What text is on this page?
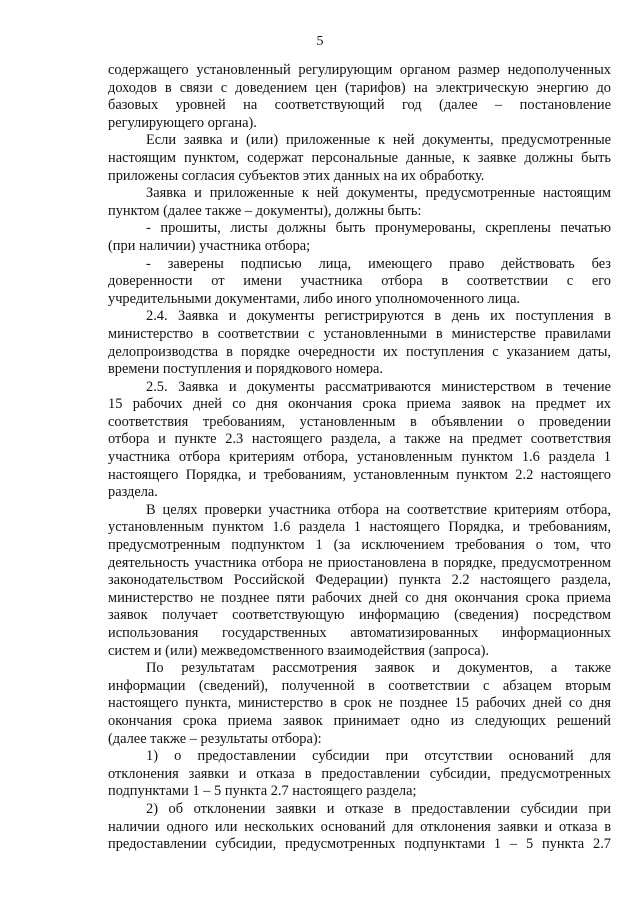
5
содержащего установленный регулирующим органом размер недополученных
доходов в связи с доведением цен (тарифов) на электрическую энергию до
базовых уровней на соответствующий год (далее – постановление
регулирующего органа).
Если заявка и (или) приложенные к ней документы, предусмотренные
настоящим пунктом, содержат персональные данные, к заявке должны быть
приложены согласия субъектов этих данных на их обработку.
Заявка и приложенные к ней документы, предусмотренные настоящим
пунктом (далее также – документы), должны быть:
- прошиты, листы должны быть пронумерованы, скреплены печатью
(при наличии) участника отбора;
- заверены подписью лица, имеющего право действовать без
доверенности от имени участника отбора в соответствии с его
учредительными документами, либо иного уполномоченного лица.
2.4. Заявка и документы регистрируются в день их поступления в
министерство в соответствии с установленными в министерстве правилами
делопроизводства в порядке очередности их поступления с указанием даты,
времени поступления и порядкового номера.
2.5. Заявка и документы рассматриваются министерством в течение
15 рабочих дней со дня окончания срока приема заявок на предмет их
соответствия требованиям, установленным в объявлении о проведении
отбора и пункте 2.3 настоящего раздела, а также на предмет соответствия
участника отбора критериям отбора, установленным пунктом 1.6 раздела 1
настоящего Порядка, и требованиям, установленным пунктом 2.2 настоящего
раздела.
В целях проверки участника отбора на соответствие критериям отбора,
установленным пунктом 1.6 раздела 1 настоящего Порядка, и требованиям,
предусмотренным подпунктом 1 (за исключением требования о том, что
деятельность участника отбора не приостановлена в порядке, предусмотренном
законодательством Российской Федерации) пункта 2.2 настоящего раздела,
министерство не позднее пяти рабочих дней со дня окончания срока приема
заявок получает соответствующую информацию (сведения) посредством
использования государственных автоматизированных информационных
систем и (или) межведомственного взаимодействия (запроса).
По результатам рассмотрения заявок и документов, а также
информации (сведений), полученной в соответствии с абзацем вторым
настоящего пункта, министерство в срок не позднее 15 рабочих дней со дня
окончания срока приема заявок принимает одно из следующих решений
(далее также – результаты отбора):
1) о предоставлении субсидии при отсутствии оснований для
отклонения заявки и отказа в предоставлении субсидии, предусмотренных
подпунктами 1 – 5 пункта 2.7 настоящего раздела;
2) об отклонении заявки и отказе в предоставлении субсидии при
наличии одного или нескольких оснований для отклонения заявки и отказа в
предоставлении субсидии, предусмотренных подпунктами 1 – 5 пункта 2.7
